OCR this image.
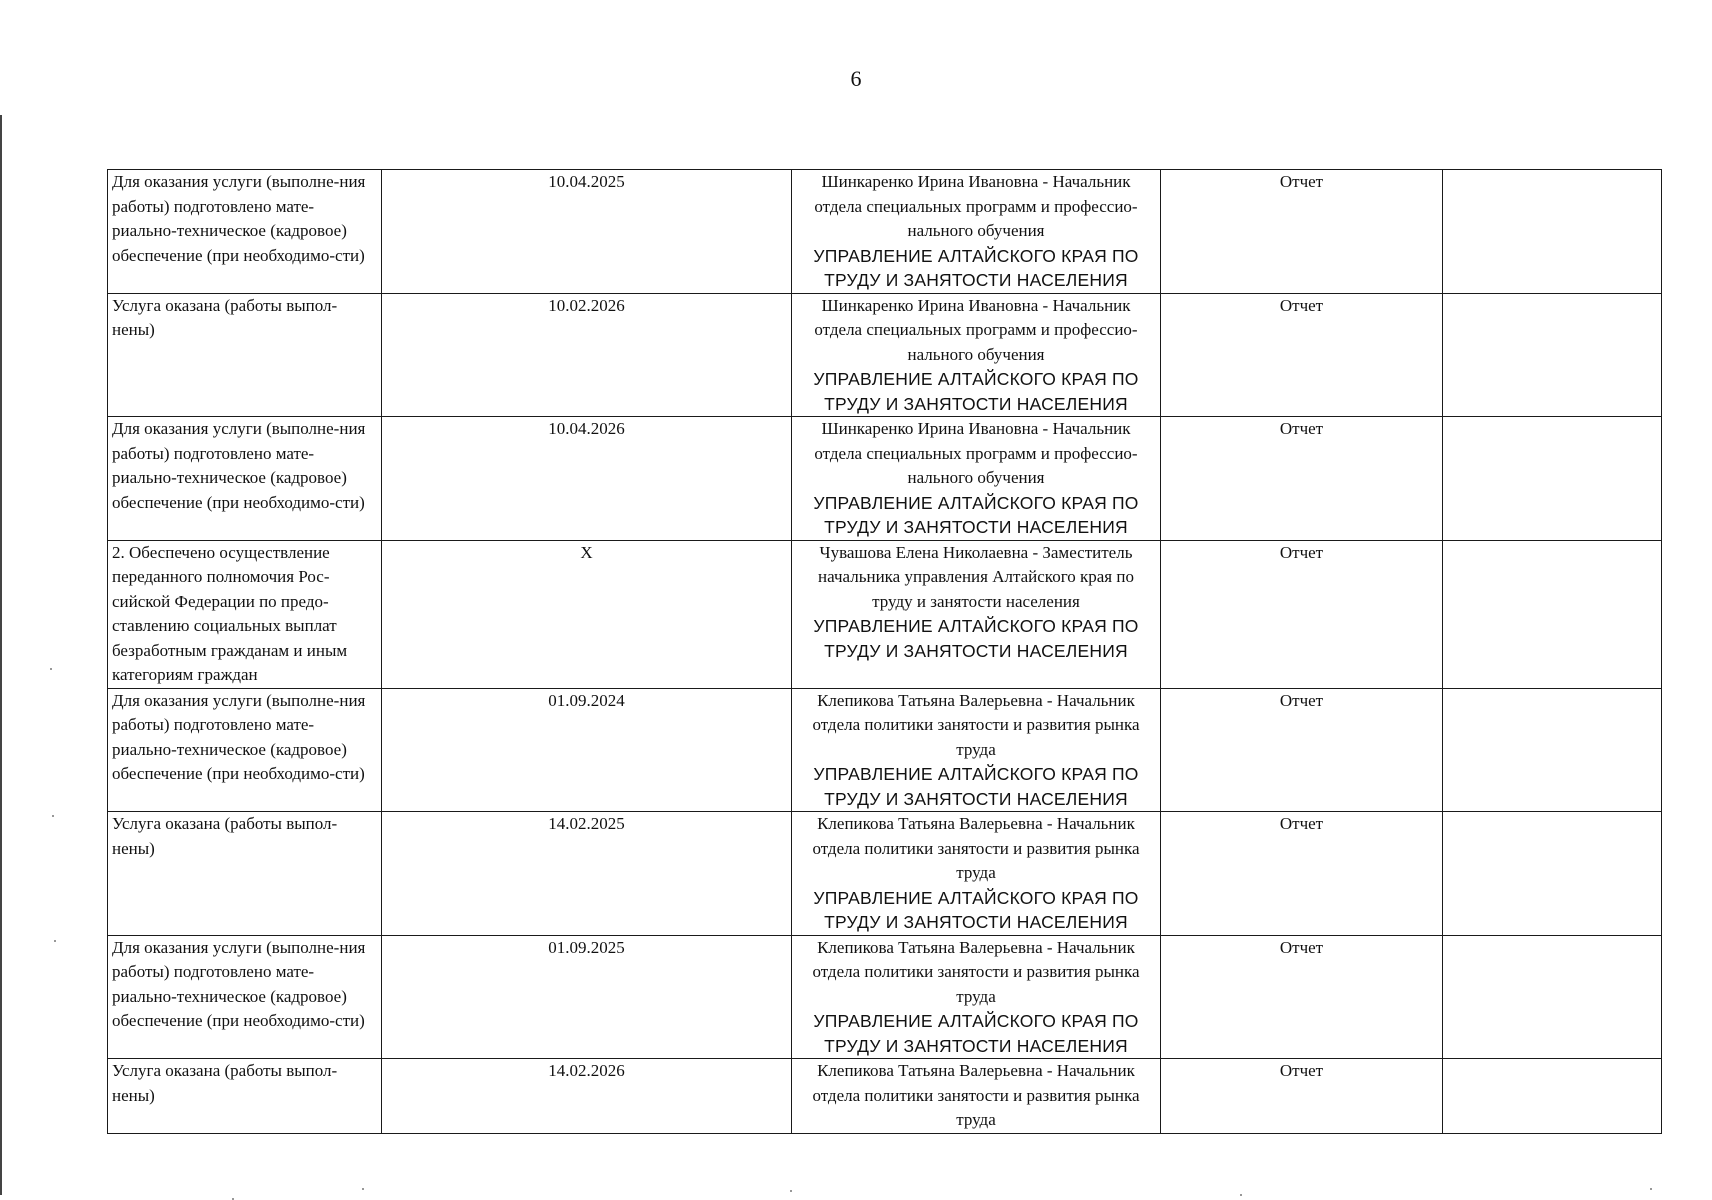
6
Для оказания услуги (выполне-ния работы) подготовлено мате-риально-техническое (кадровое) обеспечение (при необходимо-сти)	10.04.2025	Шинкаренко Ирина Ивановна - Начальник отдела специальных программ и профессио-нального обучения
УПРАВЛЕНИЕ АЛТАЙСКОГО КРАЯ ПО ТРУДУ И ЗАНЯТОСТИ НАСЕЛЕНИЯ	Отчет	

Услуга оказана (работы выпол-нены)	10.02.2026	Шинкаренко Ирина Ивановна - Начальник отдела специальных программ и профессио-нального обучения
УПРАВЛЕНИЕ АЛТАЙСКОГО КРАЯ ПО ТРУДУ И ЗАНЯТОСТИ НАСЕЛЕНИЯ	Отчет	

Для оказания услуги (выполне-ния работы) подготовлено мате-риально-техническое (кадровое) обеспечение (при необходимо-сти)	10.04.2026	Шинкаренко Ирина Ивановна - Начальник отдела специальных программ и профессио-нального обучения
УПРАВЛЕНИЕ АЛТАЙСКОГО КРАЯ ПО ТРУДУ И ЗАНЯТОСТИ НАСЕЛЕНИЯ	Отчет	

2. Обеспечено осуществление переданного полномочия Рос-сийской Федерации по предо-ставлению социальных выплат безработным гражданам и иным категориям граждан	X	Чувашова Елена Николаевна - Заместитель начальника управления Алтайского края по труду и занятости населения
УПРАВЛЕНИЕ АЛТАЙСКОГО КРАЯ ПО ТРУДУ И ЗАНЯТОСТИ НАСЕЛЕНИЯ	Отчет	

Для оказания услуги (выполне-ния работы) подготовлено мате-риально-техническое (кадровое) обеспечение (при необходимо-сти)	01.09.2024	Клепикова Татьяна Валерьевна - Начальник отдела политики занятости и развития рынка труда
УПРАВЛЕНИЕ АЛТАЙСКОГО КРАЯ ПО ТРУДУ И ЗАНЯТОСТИ НАСЕЛЕНИЯ	Отчет	

Услуга оказана (работы выпол-нены)	14.02.2025	Клепикова Татьяна Валерьевна - Начальник отдела политики занятости и развития рынка труда
УПРАВЛЕНИЕ АЛТАЙСКОГО КРАЯ ПО ТРУДУ И ЗАНЯТОСТИ НАСЕЛЕНИЯ	Отчет	

Для оказания услуги (выполне-ния работы) подготовлено мате-риально-техническое (кадровое) обеспечение (при необходимо-сти)	01.09.2025	Клепикова Татьяна Валерьевна - Начальник отдела политики занятости и развития рынка труда
УПРАВЛЕНИЕ АЛТАЙСКОГО КРАЯ ПО ТРУДУ И ЗАНЯТОСТИ НАСЕЛЕНИЯ	Отчет	

Услуга оказана (работы выпол-нены)	14.02.2026	Клепикова Татьяна Валерьевна - Начальник отдела политики занятости и развития рынка труда	Отчет	
